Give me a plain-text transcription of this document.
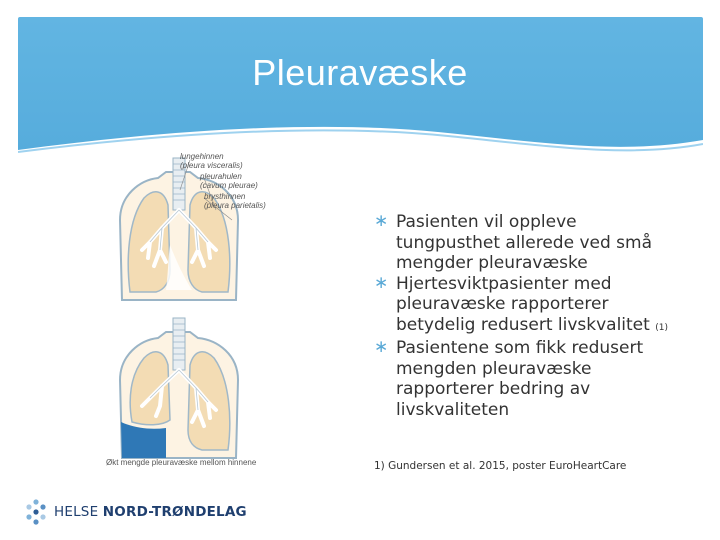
Pleuravæske
lungehinnen
(pleura visceralis)
pleurahulen
(cavum pleurae)
brysthinnen
(pleura parietalis)
Økt mengde pleuravæske mellom hinnene
∗ Pasienten vil oppleve tungpusthet allerede ved små mengder pleuravæske
∗ Hjertesviktpasienter med pleuravæske rapporterer betydelig redusert livskvalitet (1)
∗ Pasientene som fikk redusert mengden pleuravæske rapporterer bedring av livskvaliteten
1) Gundersen et al. 2015, poster EuroHeartCare
HELSE NORD-TRØNDELAG
